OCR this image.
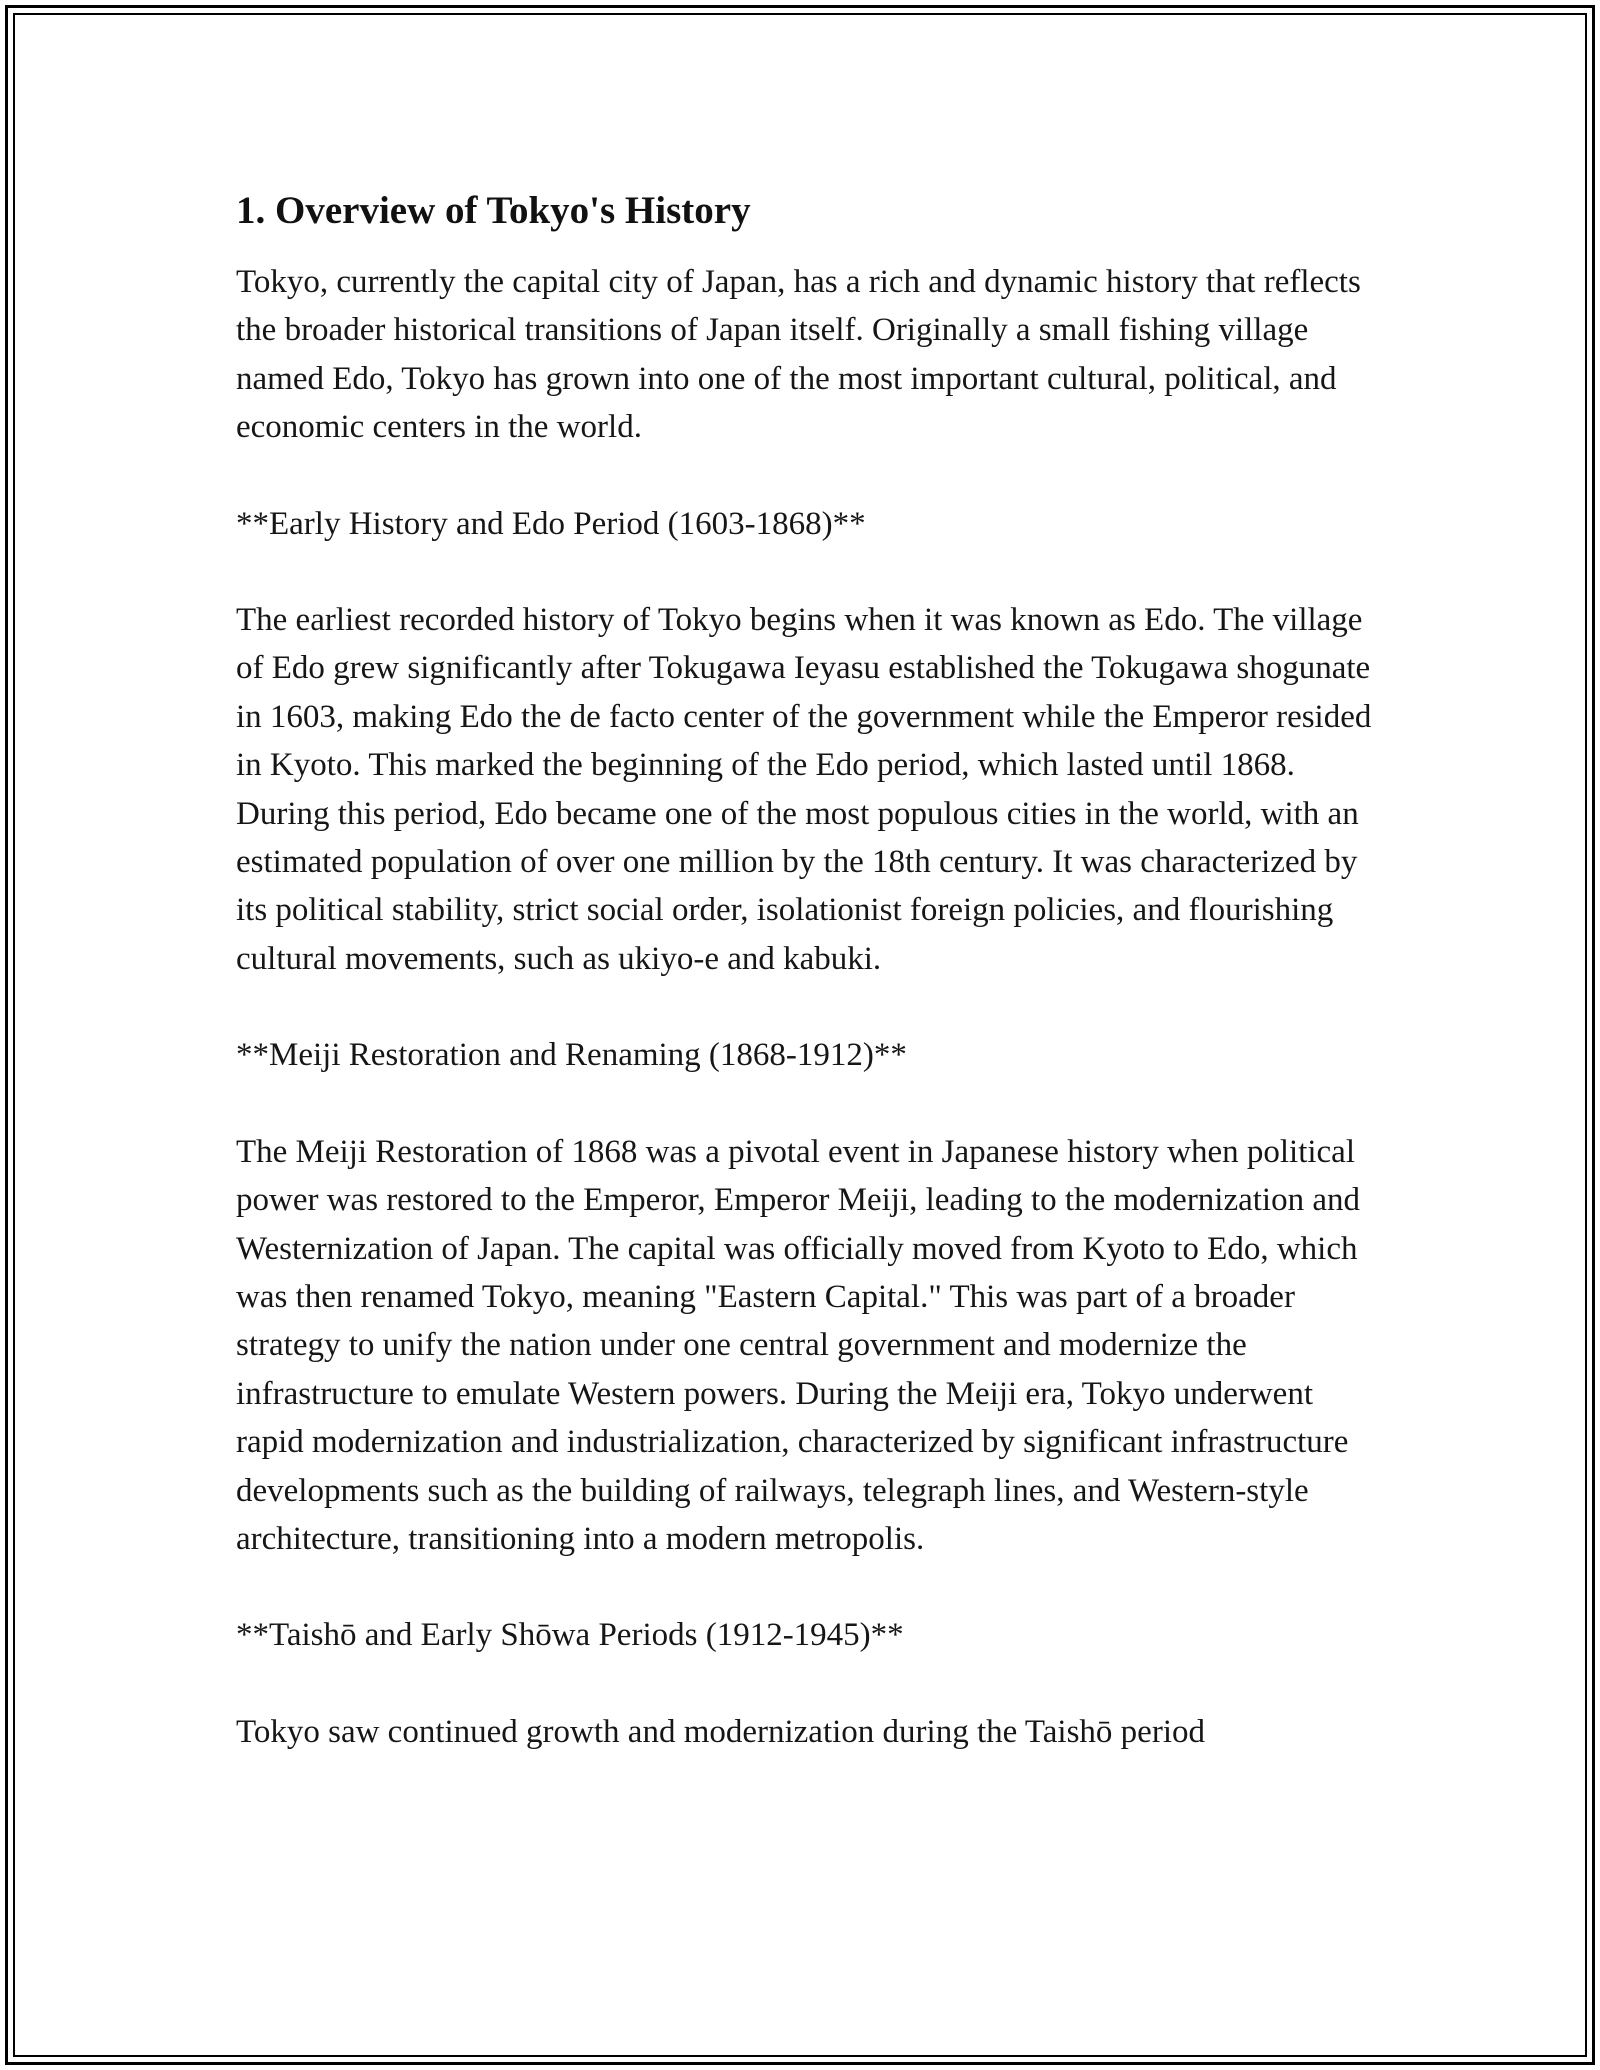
1. Overview of Tokyo's History

Tokyo, currently the capital city of Japan, has a rich and dynamic history that reflects the broader historical transitions of Japan itself. Originally a small fishing village named Edo, Tokyo has grown into one of the most important cultural, political, and economic centers in the world.

**Early History and Edo Period (1603-1868)**

The earliest recorded history of Tokyo begins when it was known as Edo. The village of Edo grew significantly after Tokugawa Ieyasu established the Tokugawa shogunate in 1603, making Edo the de facto center of the government while the Emperor resided in Kyoto. This marked the beginning of the Edo period, which lasted until 1868. During this period, Edo became one of the most populous cities in the world, with an estimated population of over one million by the 18th century. It was characterized by its political stability, strict social order, isolationist foreign policies, and flourishing cultural movements, such as ukiyo-e and kabuki.

**Meiji Restoration and Renaming (1868-1912)**

The Meiji Restoration of 1868 was a pivotal event in Japanese history when political power was restored to the Emperor, Emperor Meiji, leading to the modernization and Westernization of Japan. The capital was officially moved from Kyoto to Edo, which was then renamed Tokyo, meaning "Eastern Capital." This was part of a broader strategy to unify the nation under one central government and modernize the infrastructure to emulate Western powers. During the Meiji era, Tokyo underwent rapid modernization and industrialization, characterized by significant infrastructure developments such as the building of railways, telegraph lines, and Western-style architecture, transitioning into a modern metropolis.

**Taishō and Early Shōwa Periods (1912-1945)**

Tokyo saw continued growth and modernization during the Taishō period
